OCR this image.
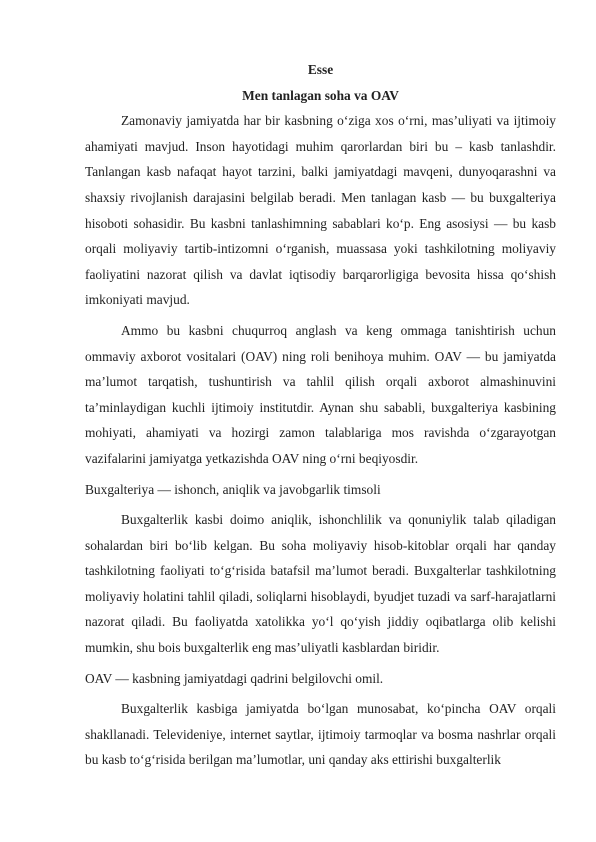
Esse

Men tanlagan soha va OAV

Zamonaviy jamiyatda har bir kasbning o‘ziga xos o‘rni, mas’uliyati va ijtimoiy ahamiyati mavjud. Inson hayotidagi muhim qarorlardan biri bu – kasb tanlashdir. Tanlangan kasb nafaqat hayot tarzini, balki jamiyatdagi mavqeni, dunyoqarashni va shaxsiy rivojlanish darajasini belgilab beradi. Men tanlagan kasb — bu buxgalteriya hisoboti sohasidir. Bu kasbni tanlashimning sabablari ko‘p. Eng asosiysi — bu kasb orqali moliyaviy tartib-intizomni o‘rganish, muassasa yoki tashkilotning moliyaviy faoliyatini nazorat qilish va davlat iqtisodiy barqarorligiga bevosita hissa qo‘shish imkoniyati mavjud.

Ammo bu kasbni chuqurroq anglash va keng ommaga tanishtirish uchun ommaviy axborot vositalari (OAV) ning roli benihoya muhim. OAV — bu jamiyatda ma’lumot tarqatish, tushuntirish va tahlil qilish orqali axborot almashinuvini ta’minlaydigan kuchli ijtimoiy institutdir. Aynan shu sababli, buxgalteriya kasbining mohiyati, ahamiyati va hozirgi zamon talablariga mos ravishda o‘zgarayotgan vazifalarini jamiyatga yetkazishda OAV ning o‘rni beqiyosdir.

Buxgalteriya — ishonch, aniqlik va javobgarlik timsoli

Buxgalterlik kasbi doimo aniqlik, ishonchlilik va qonuniylik talab qiladigan sohalardan biri bo‘lib kelgan. Bu soha moliyaviy hisob-kitoblar orqali har qanday tashkilotning faoliyati to‘g‘risida batafsil ma’lumot beradi. Buxgalterlar tashkilotning moliyaviy holatini tahlil qiladi, soliqlarni hisoblaydi, byudjet tuzadi va sarf-harajatlarni nazorat qiladi. Bu faoliyatda xatolikka yo‘l qo‘yish jiddiy oqibatlarga olib kelishi mumkin, shu bois buxgalterlik eng mas’uliyatli kasblardan biridir.

OAV — kasbning jamiyatdagi qadrini belgilovchi omil.

Buxgalterlik kasbiga jamiyatda bo‘lgan munosabat, ko‘pincha OAV orqali shakllanadi. Televideniye, internet saytlar, ijtimoiy tarmoqlar va bosma nashrlar orqali bu kasb to‘g‘risida berilgan ma’lumotlar, uni qanday aks ettirishi buxgalterlik
